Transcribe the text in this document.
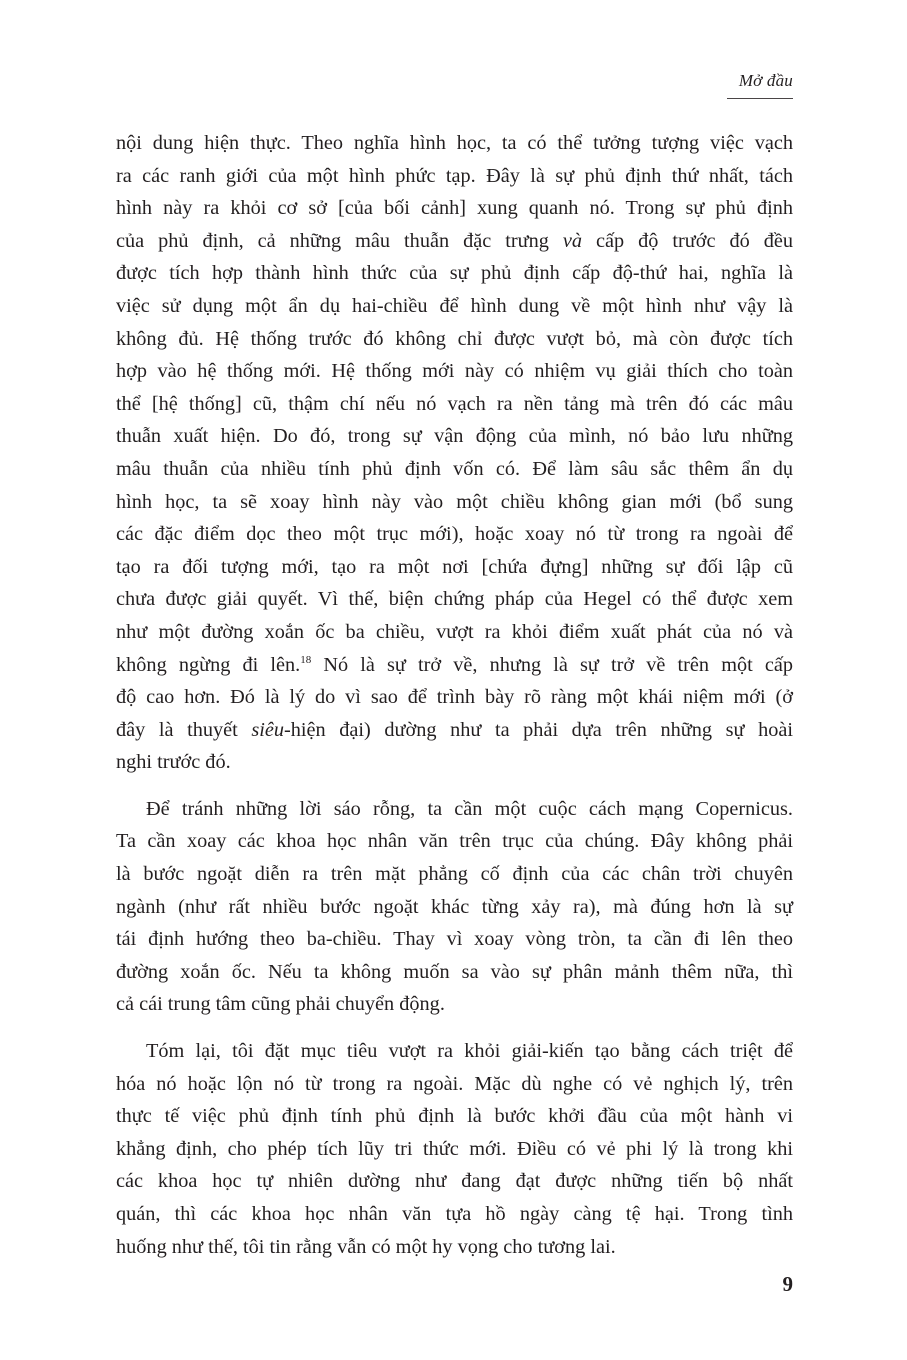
Mở đầu
nội dung hiện thực. Theo nghĩa hình học, ta có thể tưởng tượng việc vạch
ra các ranh giới của một hình phức tạp. Đây là sự phủ định thứ nhất, tách
hình này ra khỏi cơ sở [của bối cảnh] xung quanh nó. Trong sự phủ định
của phủ định, cả những mâu thuẫn đặc trưng và cấp độ trước đó đều
được tích hợp thành hình thức của sự phủ định cấp độ-thứ hai, nghĩa là
việc sử dụng một ẩn dụ hai-chiều để hình dung về một hình như vậy là
không đủ. Hệ thống trước đó không chỉ được vượt bỏ, mà còn được tích
hợp vào hệ thống mới. Hệ thống mới này có nhiệm vụ giải thích cho toàn
thể [hệ thống] cũ, thậm chí nếu nó vạch ra nền tảng mà trên đó các mâu
thuẫn xuất hiện. Do đó, trong sự vận động của mình, nó bảo lưu những
mâu thuẫn của nhiều tính phủ định vốn có. Để làm sâu sắc thêm ẩn dụ
hình học, ta sẽ xoay hình này vào một chiều không gian mới (bổ sung
các đặc điểm dọc theo một trục mới), hoặc xoay nó từ trong ra ngoài để
tạo ra đối tượng mới, tạo ra một nơi [chứa đựng] những sự đối lập cũ
chưa được giải quyết. Vì thế, biện chứng pháp của Hegel có thể được xem
như một đường xoắn ốc ba chiều, vượt ra khỏi điểm xuất phát của nó và
không ngừng đi lên.$^{18}$ Nó là sự trở về, nhưng là sự trở về trên một cấp
độ cao hơn. Đó là lý do vì sao để trình bày rõ ràng một khái niệm mới (ở
đây là thuyết siêu-hiện đại) dường như ta phải dựa trên những sự hoài
nghi trước đó.
Để tránh những lời sáo rỗng, ta cần một cuộc cách mạng Copernicus.
Ta cần xoay các khoa học nhân văn trên trục của chúng. Đây không phải
là bước ngoặt diễn ra trên mặt phẳng cố định của các chân trời chuyên
ngành (như rất nhiều bước ngoặt khác từng xảy ra), mà đúng hơn là sự
tái định hướng theo ba-chiều. Thay vì xoay vòng tròn, ta cần đi lên theo
đường xoắn ốc. Nếu ta không muốn sa vào sự phân mảnh thêm nữa, thì
cả cái trung tâm cũng phải chuyển động.
Tóm lại, tôi đặt mục tiêu vượt ra khỏi giải-kiến tạo bằng cách triệt để
hóa nó hoặc lộn nó từ trong ra ngoài. Mặc dù nghe có vẻ nghịch lý, trên
thực tế việc phủ định tính phủ định là bước khởi đầu của một hành vi
khẳng định, cho phép tích lũy tri thức mới. Điều có vẻ phi lý là trong khi
các khoa học tự nhiên dường như đang đạt được những tiến bộ nhất
quán, thì các khoa học nhân văn tựa hồ ngày càng tệ hại. Trong tình
huống như thế, tôi tin rằng vẫn có một hy vọng cho tương lai.
9
